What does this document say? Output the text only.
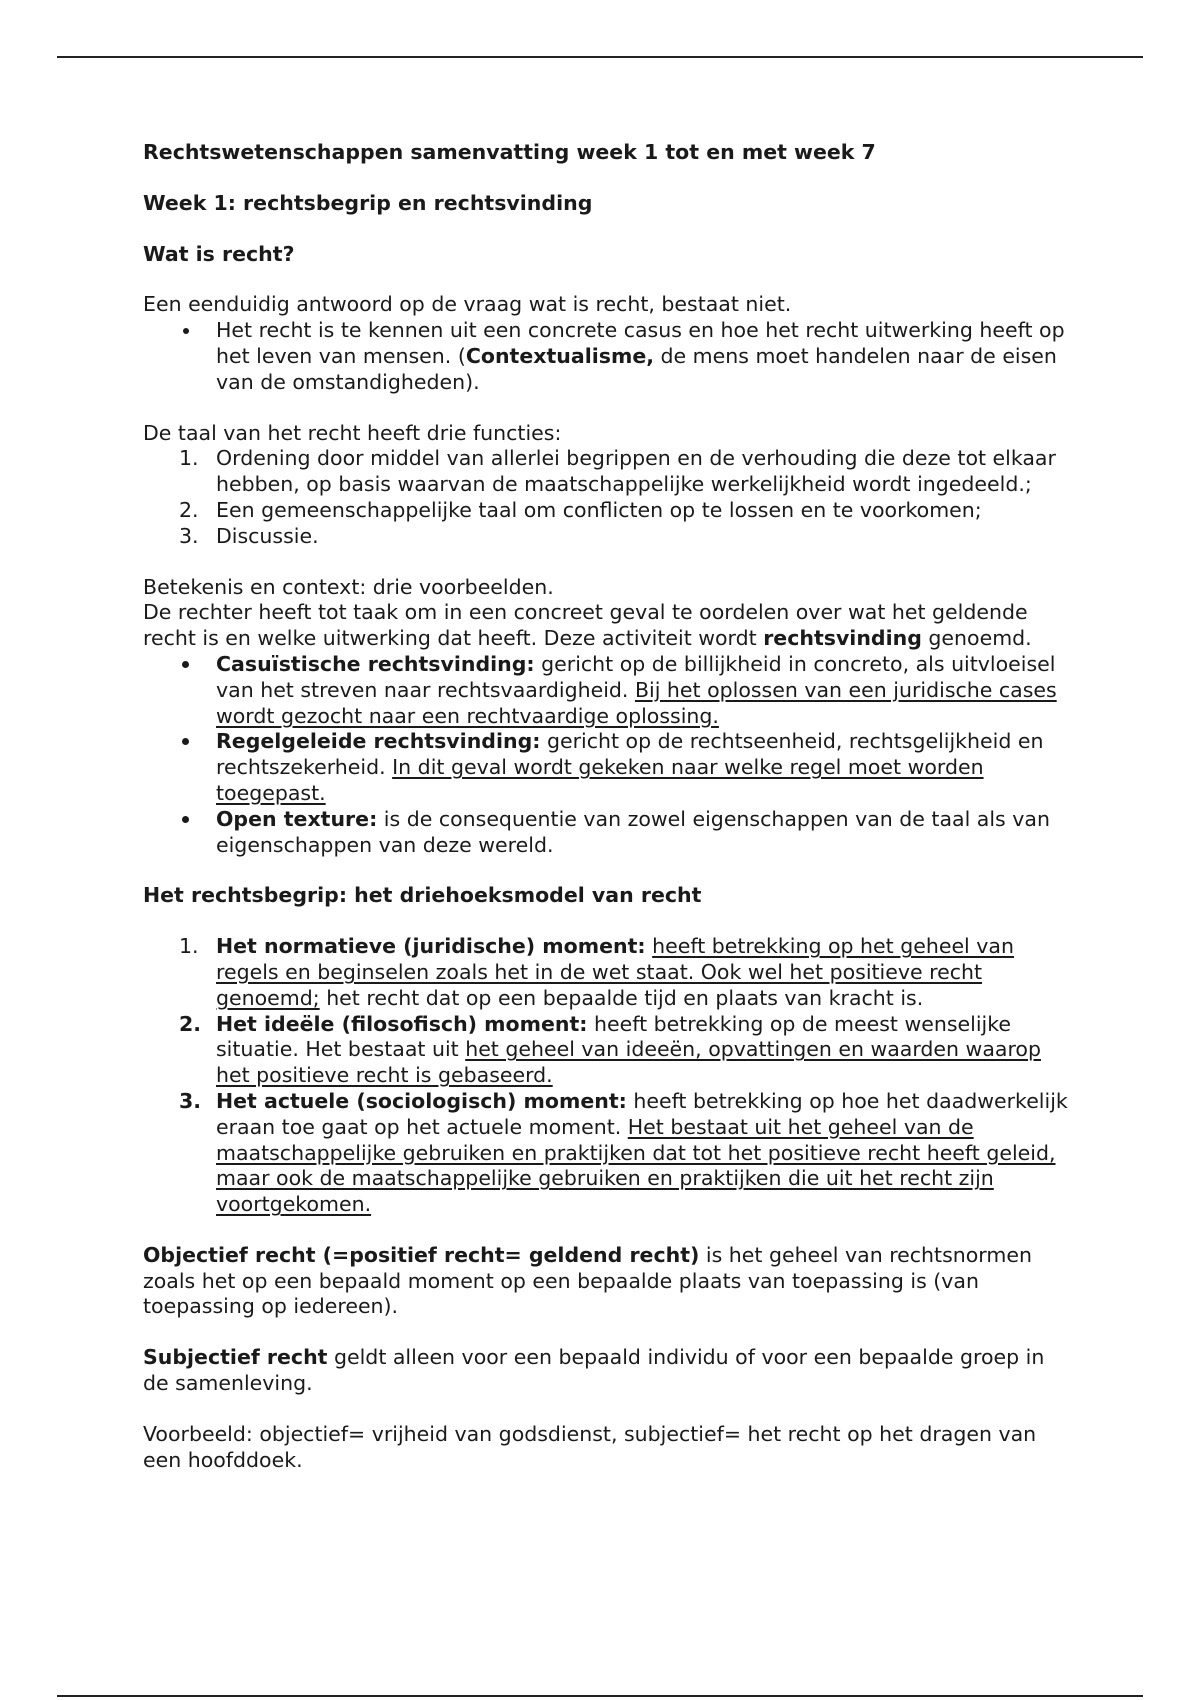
Rechtswetenschappen samenvatting week 1 tot en met week 7

Week 1: rechtsbegrip en rechtsvinding

Wat is recht?

Een eenduidig antwoord op de vraag wat is recht, bestaat niet.

Het recht is te kennen uit een concrete casus en hoe het recht uitwerking heeft op het leven van mensen. (Contextualisme, de mens moet handelen naar de eisen van de omstandigheden).

De taal van het recht heeft drie functies:

1. Ordening door middel van allerlei begrippen en de verhouding die deze tot elkaar hebben, op basis waarvan de maatschappelijke werkelijkheid wordt ingedeeld.;
2. Een gemeenschappelijke taal om conflicten op te lossen en te voorkomen;
3. Discussie.

Betekenis en context: drie voorbeelden.

De rechter heeft tot taak om in een concreet geval te oordelen over wat het geldende recht is en welke uitwerking dat heeft. Deze activiteit wordt rechtsvinding genoemd.

Casuïstische rechtsvinding: gericht op de billijkheid in concreto, als uitvloeisel van het streven naar rechtsvaardigheid. Bij het oplossen van een juridische cases wordt gezocht naar een rechtvaardige oplossing.
Regelgeleide rechtsvinding: gericht op de rechtseenheid, rechtsgelijkheid en rechtszekerheid. In dit geval wordt gekeken naar welke regel moet worden toegepast.
Open texture: is de consequentie van zowel eigenschappen van de taal als van eigenschappen van deze wereld.

Het rechtsbegrip: het driehoeksmodel van recht

1. Het normatieve (juridische) moment: heeft betrekking op het geheel van regels en beginselen zoals het in de wet staat. Ook wel het positieve recht genoemd; het recht dat op een bepaalde tijd en plaats van kracht is.
2. Het ideële (filosofisch) moment: heeft betrekking op de meest wenselijke situatie. Het bestaat uit het geheel van ideeën, opvattingen en waarden waarop het positieve recht is gebaseerd.
3. Het actuele (sociologisch) moment: heeft betrekking op hoe het daadwerkelijk eraan toe gaat op het actuele moment. Het bestaat uit het geheel van de maatschappelijke gebruiken en praktijken dat tot het positieve recht heeft geleid, maar ook de maatschappelijke gebruiken en praktijken die uit het recht zijn voortgekomen.

Objectief recht (=positief recht= geldend recht) is het geheel van rechtsnormen zoals het op een bepaald moment op een bepaalde plaats van toepassing is (van toepassing op iedereen).

Subjectief recht geldt alleen voor een bepaald individu of voor een bepaalde groep in de samenleving.

Voorbeeld: objectief= vrijheid van godsdienst, subjectief= het recht op het dragen van een hoofddoek.
